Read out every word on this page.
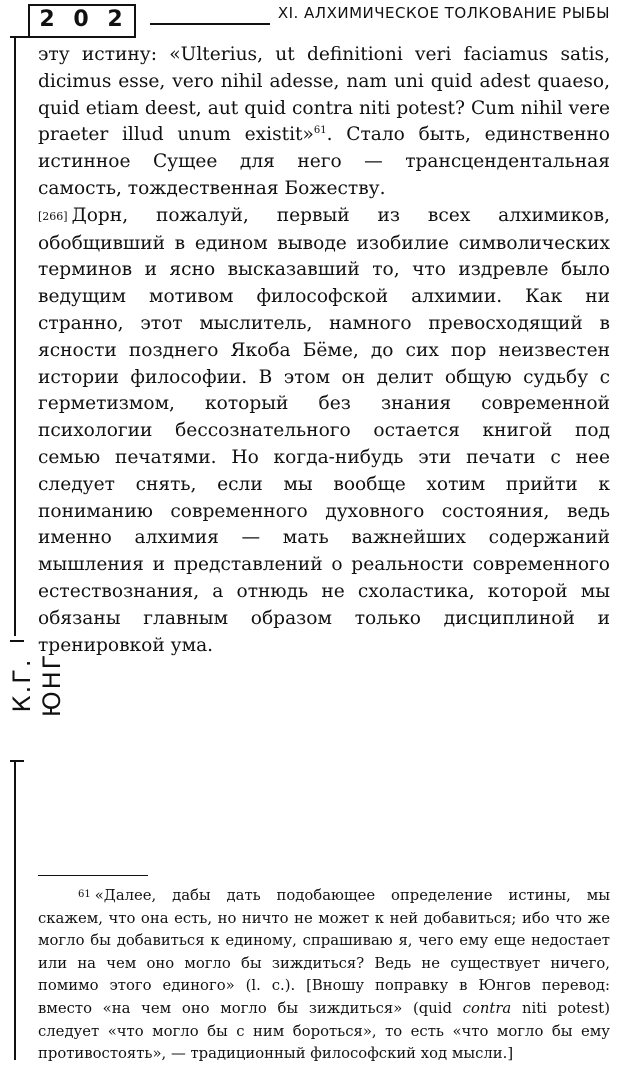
2 0 2	XI. АЛХИМИЧЕСКОЕ ТОЛКОВАНИЕ РЫБЫ
К.Г. ЮНГ

эту истину: «Ulterius, ut definitioni veri faciamus satis, dicimus esse, vero nihil adesse, nam uni quid adest quaeso, quid etiam deest, aut quid contra niti potest? Cum nihil vere praeter illud unum existit»$^{61}$. Стало быть, единственно истинное Сущее для него — трансцендентальная самость, тождественная Божеству.

[266] Дорн, пожалуй, первый из всех алхимиков, обобщивший в едином выводе изобилие символических терминов и ясно высказавший то, что издревле было ведущим мотивом философской алхимии. Как ни странно, этот мыслитель, намного превосходящий в ясности позднего Якоба Бёме, до сих пор неизвестен истории философии. В этом он делит общую судьбу с герметизмом, который без знания современной психологии бессознательного остается книгой под семью печатями. Но когда-нибудь эти печати с нее следует снять, если мы вообще хотим прийти к пониманию современного духовного состояния, ведь именно алхимия — мать важнейших содержаний мышления и представлений о реальности современного естествознания, а отнюдь не схоластика, которой мы обязаны главным образом только дисциплиной и тренировкой ума.

$^{61}$ «Далее, дабы дать подобающее определение истины, мы скажем, что она есть, но ничто не может к ней добавиться; ибо что же могло бы добавиться к единому, спрашиваю я, чего ему еще недостает или на чем оно могло бы зиждиться? Ведь не существует ничего, помимо этого единого» (l. c.). [Вношу поправку в Юнгов перевод: вместо «на чем оно могло бы зиждиться» (quid contra niti potest) следует «что могло бы с ним бороться», то есть «что могло бы ему противостоять», — традиционный философский ход мысли.]
